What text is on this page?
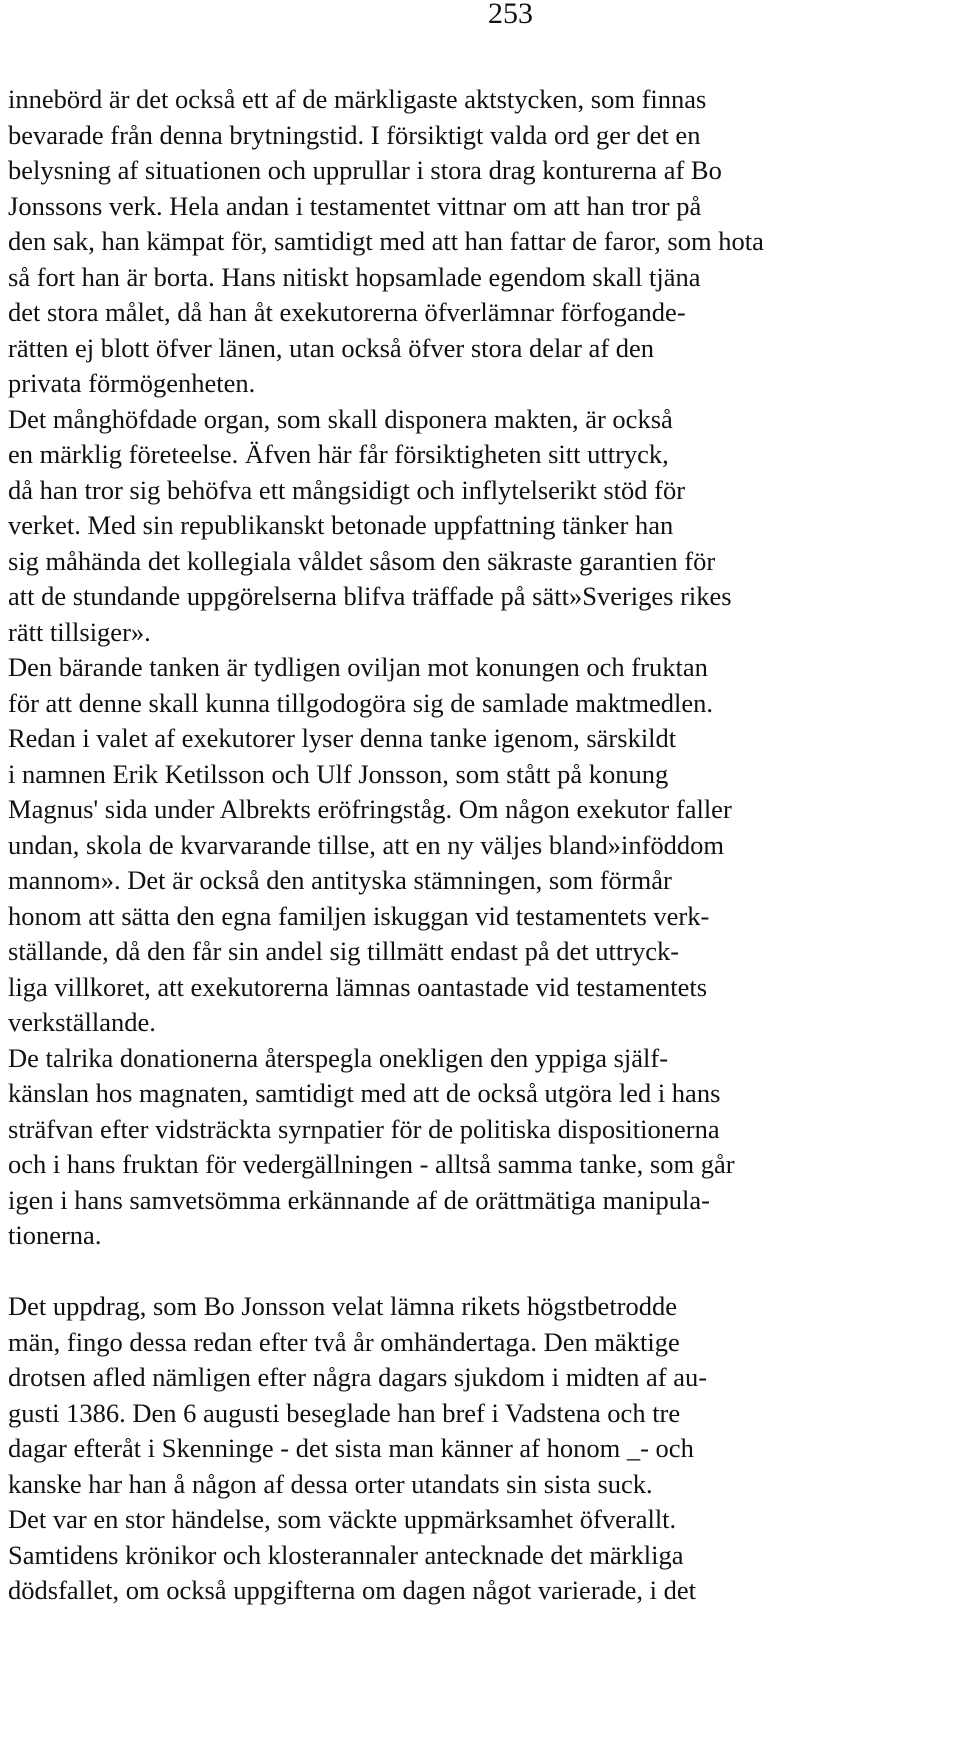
253
innebörd är det också ett af de märkligaste aktstycken, som finnas
bevarade från denna brytningstid. I försiktigt valda ord ger det en
belysning af situationen och upprullar i stora drag konturerna af Bo
Jonssons verk. Hela andan i testamentet vittnar om att han tror på
den sak, han kämpat för, samtidigt med att han fattar de faror, som hota
så fort han är borta. Hans nitiskt hopsamlade egendom skall tjäna
det stora målet, då han åt exekutorerna öfverlämnar förfogande-
rätten ej blott öfver länen, utan också öfver stora delar af den
privata förmögenheten.
Det månghöfdade organ, som skall disponera makten, är också
en märklig företeelse. Äfven här får försiktigheten sitt uttryck,
då han tror sig behöfva ett mångsidigt och inflytelserikt stöd för
verket. Med sin republikanskt betonade uppfattning tänker han
sig måhända det kollegiala våldet såsom den säkraste garantien för
att de stundande uppgörelserna blifva träffade på sätt»Sveriges rikes
rätt tillsiger».
Den bärande tanken är tydligen oviljan mot konungen och fruktan
för att denne skall kunna tillgodogöra sig de samlade maktmedlen.
Redan i valet af exekutorer lyser denna tanke igenom, särskildt
i namnen Erik Ketilsson och Ulf Jonsson, som stått på konung
Magnus' sida under Albrekts eröfringståg. Om någon exekutor faller
undan, skola de kvarvarande tillse, att en ny väljes bland»inföddom
mannom». Det är också den antityska stämningen, som förmår
honom att sätta den egna familjen iskuggan vid testamentets verk-
ställande, då den får sin andel sig tillmätt endast på det uttryck-
liga villkoret, att exekutorerna lämnas oantastade vid testamentets
verkställande.
De talrika donationerna återspegla onekligen den yppiga själf-
känslan hos magnaten, samtidigt med att de också utgöra led i hans
sträfvan efter vidsträckta syrnpatier för de politiska dispositionerna
och i hans fruktan för vedergällningen - alltså samma tanke, som går
igen i hans samvetsömma erkännande af de orättmätiga manipula-
tionerna.
Det uppdrag, som Bo Jonsson velat lämna rikets högstbetrodde
män, fingo dessa redan efter två år omhändertaga. Den mäktige
drotsen afled nämligen efter några dagars sjukdom i midten af au-
gusti 1386. Den 6 augusti beseglade han bref i Vadstena och tre
dagar efteråt i Skenninge - det sista man känner af honom _- och
kanske har han å någon af dessa orter utandats sin sista suck.
Det var en stor händelse, som väckte uppmärksamhet öfverallt.
Samtidens krönikor och klosterannaler antecknade det märkliga
dödsfallet, om också uppgifterna om dagen något varierade, i det
